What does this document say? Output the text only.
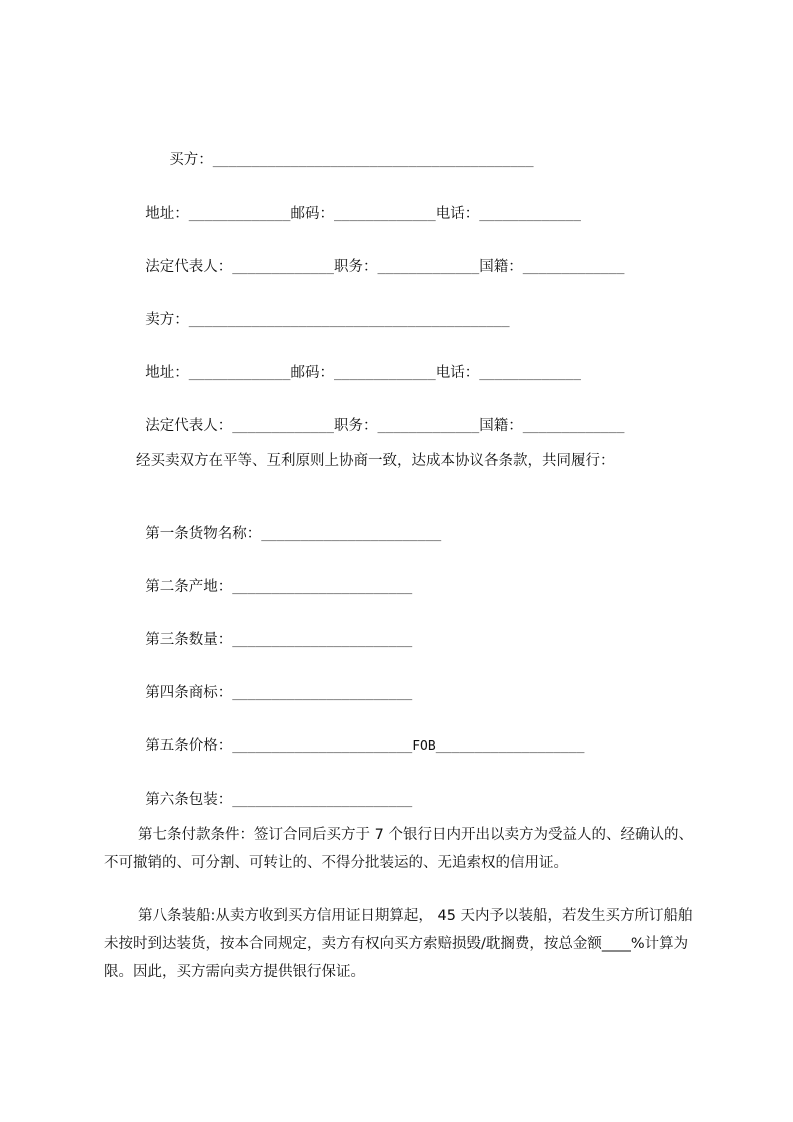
买方：_________________________________________

地址：_____________邮码：_____________电话：_____________

法定代表人：_____________职务：_____________国籍：_____________

卖方：_________________________________________

地址：_____________邮码：_____________电话：_____________

法定代表人：_____________职务：_____________国籍：_____________

经买卖双方在平等、互利原则上协商一致，达成本协议各条款，共同履行：

第一条货物名称：_______________________

第二条产地：_______________________

第三条数量：_______________________

第四条商标：_______________________

第五条价格：_______________________FOB___________________

第六条包装：_______________________

第七条付款条件：签订合同后买方于 7 个银行日内开出以卖方为受益人的、经确认的、不可撤销的、可分割、可转让的、不得分批装运的、无追索权的信用证。

第八条装船:从卖方收到买方信用证日期算起， 45 天内予以装船，若发生买方所订船舶未按时到达装货，按本合同规定，卖方有权向买方索赔损毁/耽搁费，按总金额____%计算为限。因此，买方需向卖方提供银行保证。
